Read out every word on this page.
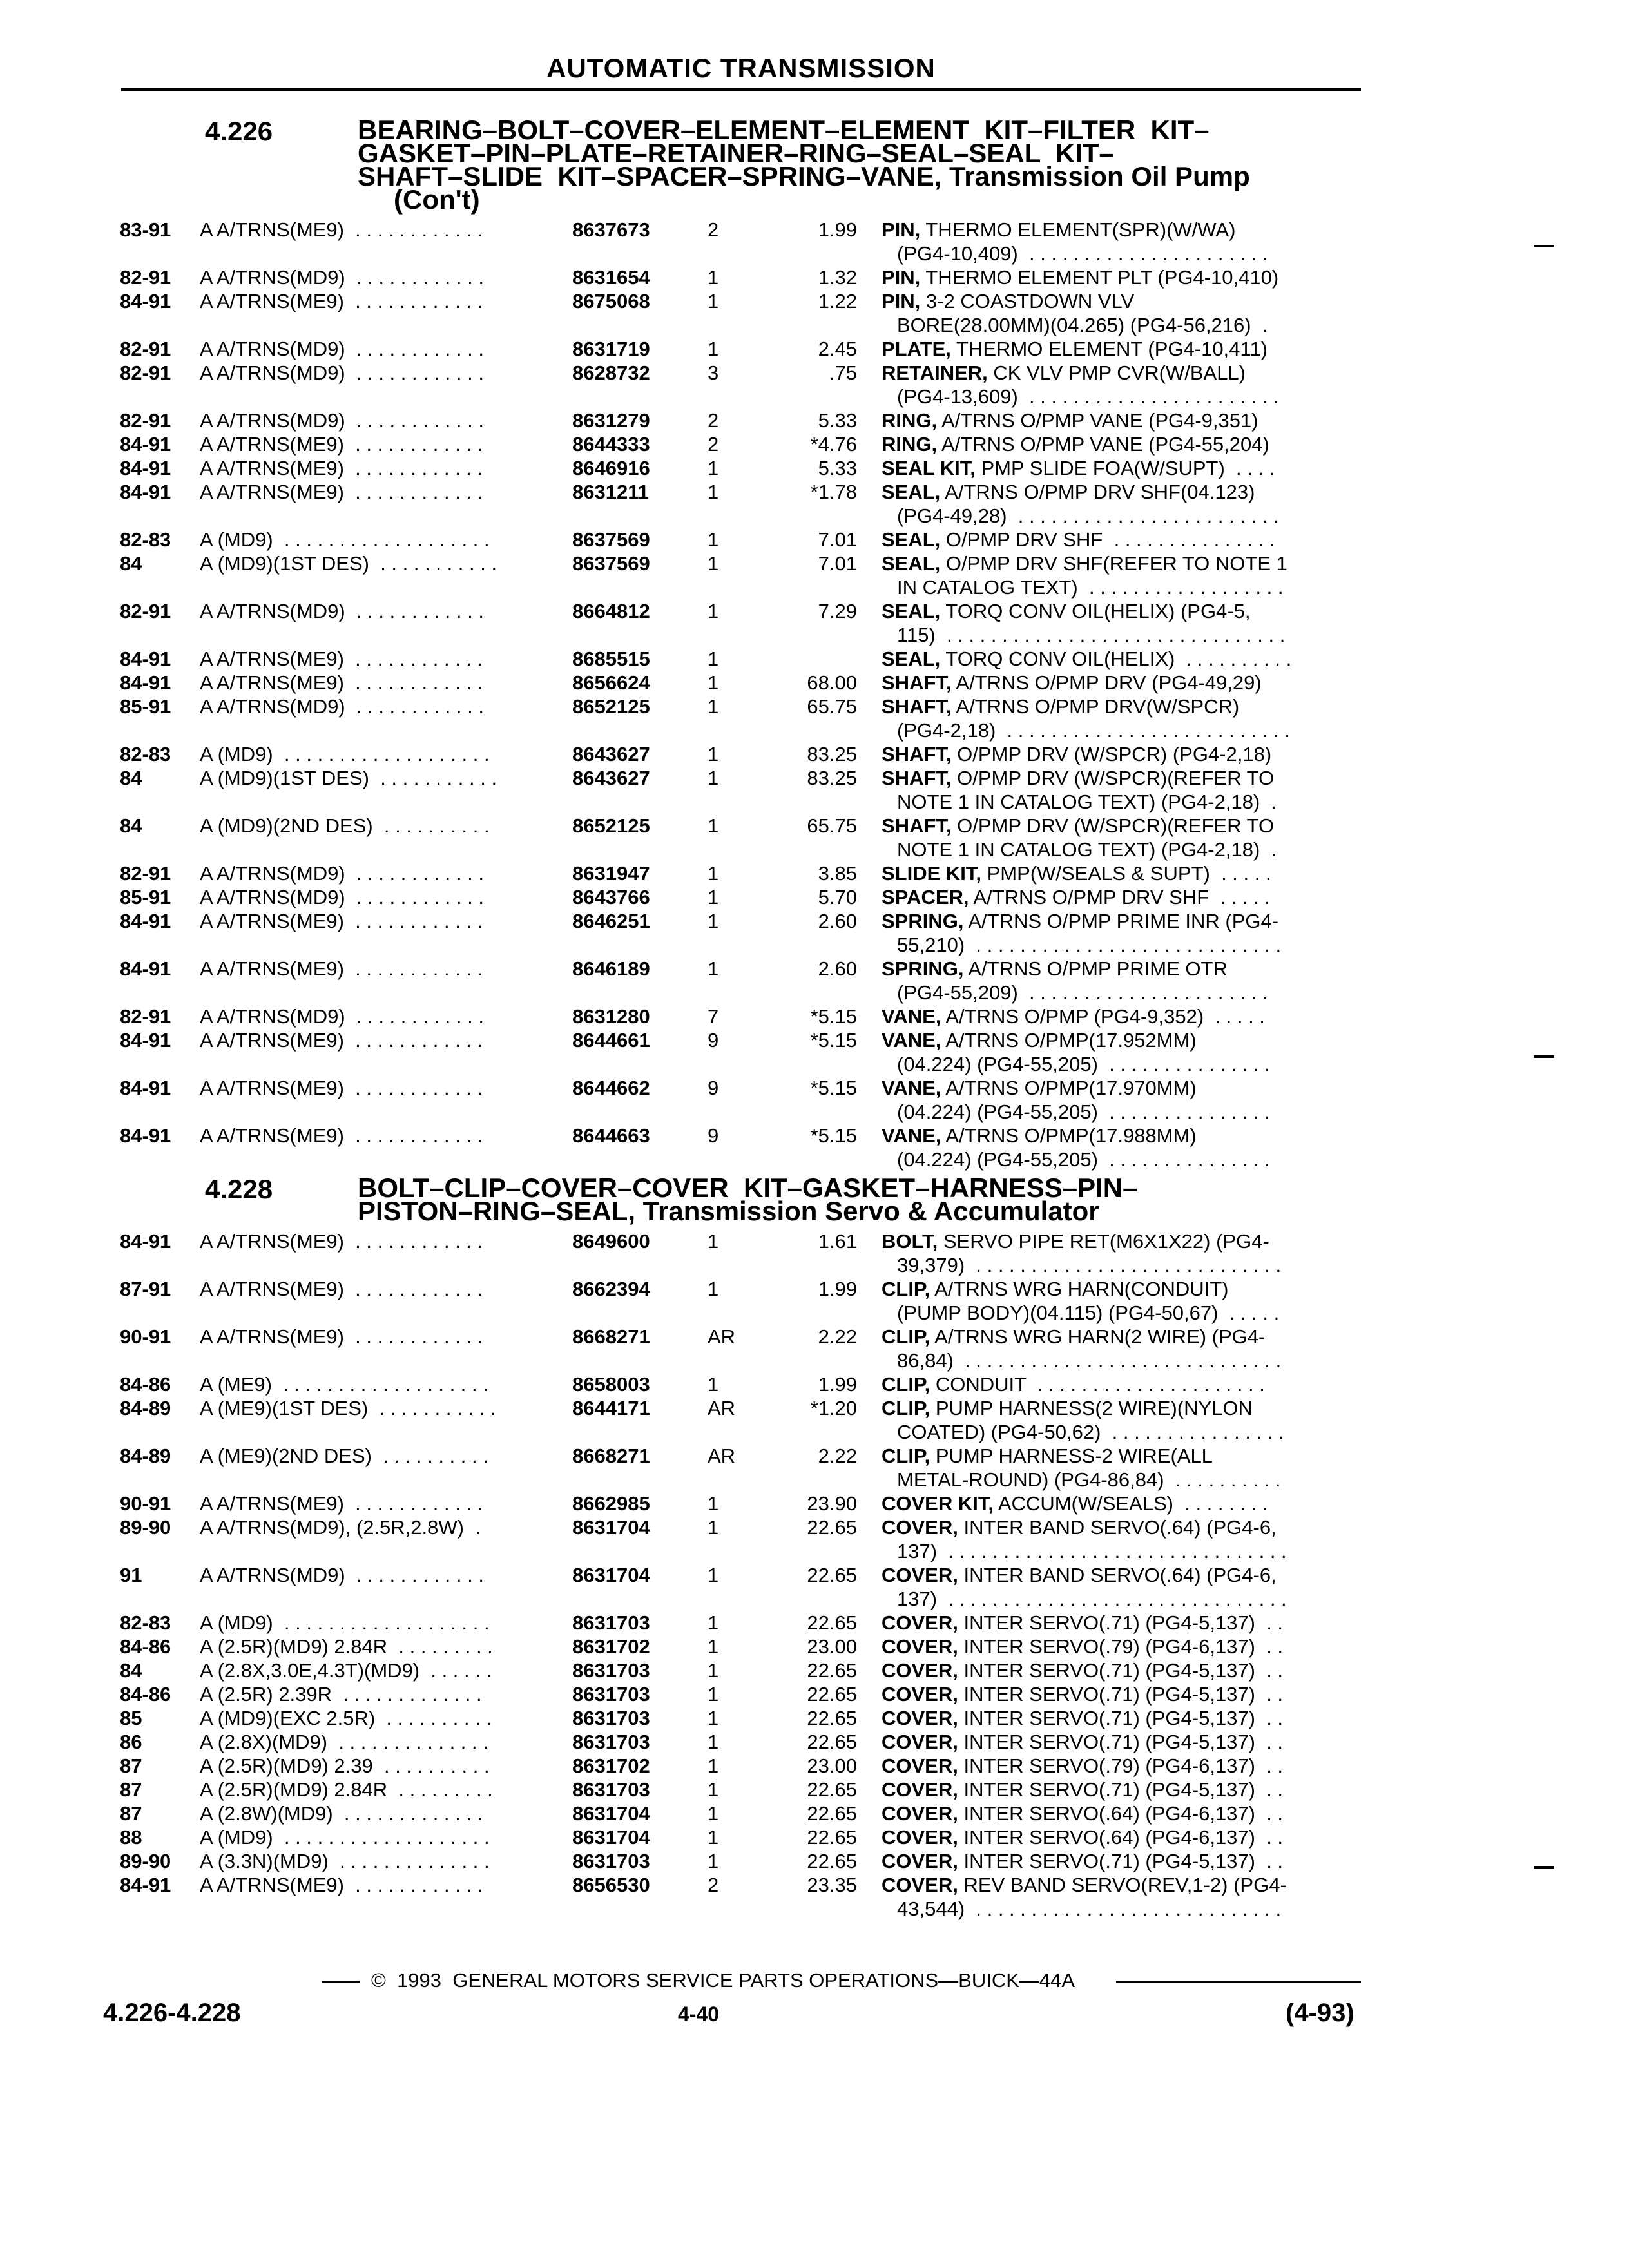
AUTOMATIC TRANSMISSION
4.226	BEARING–BOLT–COVER–ELEMENT–ELEMENT  KIT–FILTER  KIT–
GASKET–PIN–PLATE–RETAINER–RING–SEAL–SEAL  KIT–
SHAFT–SLIDE  KIT–SPACER–SPRING–VANE, Transmission Oil Pump
(Con't)
83-91 A A/TRNS(ME9)  . . . . . . . . . . . .	8637673	2	1.99 PIN, THERMO ELEMENT(SPR)(W/WA)
(PG4-10,409)  . . . . . . . . . . . . . . . . . . . . . .
82-91 A A/TRNS(MD9)  . . . . . . . . . . . .	8631654	1	1.32 PIN, THERMO ELEMENT PLT (PG4-10,410)
84-91 A A/TRNS(ME9)  . . . . . . . . . . . .	8675068	1	1.22 PIN, 3-2 COASTDOWN VLV
BORE(28.00MM)(04.265) (PG4-56,216)  .
82-91 A A/TRNS(MD9)  . . . . . . . . . . . .	8631719	1	2.45 PLATE, THERMO ELEMENT (PG4-10,411)
82-91 A A/TRNS(MD9)  . . . . . . . . . . . .	8628732	3	.75 RETAINER, CK VLV PMP CVR(W/BALL)
(PG4-13,609)  . . . . . . . . . . . . . . . . . . . . . . .
82-91 A A/TRNS(MD9)  . . . . . . . . . . . .	8631279	2	5.33 RING, A/TRNS O/PMP VANE (PG4-9,351)
84-91 A A/TRNS(ME9)  . . . . . . . . . . . .	8644333	2	*4.76 RING, A/TRNS O/PMP VANE (PG4-55,204)
84-91 A A/TRNS(ME9)  . . . . . . . . . . . .	8646916	1	5.33 SEAL KIT, PMP SLIDE FOA(W/SUPT)  . . . .
84-91 A A/TRNS(ME9)  . . . . . . . . . . . .	8631211	1	*1.78 SEAL, A/TRNS O/PMP DRV SHF(04.123)
(PG4-49,28)  . . . . . . . . . . . . . . . . . . . . . . . .
82-83 A (MD9)  . . . . . . . . . . . . . . . . . . .	8637569	1	7.01 SEAL, O/PMP DRV SHF  . . . . . . . . . . . . . . .
84	A (MD9)(1ST DES)  . . . . . . . . . . .	8637569	1	7.01 SEAL, O/PMP DRV SHF(REFER TO NOTE 1
IN CATALOG TEXT)  . . . . . . . . . . . . . . . . . .
82-91 A A/TRNS(MD9)  . . . . . . . . . . . .	8664812	1	7.29 SEAL, TORQ CONV OIL(HELIX) (PG4-5,
115)  . . . . . . . . . . . . . . . . . . . . . . . . . . . . . . .
84-91 A A/TRNS(ME9)  . . . . . . . . . . . .	8685515	1	SEAL, TORQ CONV OIL(HELIX)  . . . . . . . . . .
84-91 A A/TRNS(ME9)  . . . . . . . . . . . .	8656624	1	68.00 SHAFT, A/TRNS O/PMP DRV (PG4-49,29)
85-91 A A/TRNS(MD9)  . . . . . . . . . . . .	8652125	1	65.75 SHAFT, A/TRNS O/PMP DRV(W/SPCR)
(PG4-2,18)  . . . . . . . . . . . . . . . . . . . . . . . . . .
82-83 A (MD9)  . . . . . . . . . . . . . . . . . . .	8643627	1	83.25 SHAFT, O/PMP DRV (W/SPCR) (PG4-2,18)
84	A (MD9)(1ST DES)  . . . . . . . . . . .	8643627	1	83.25 SHAFT, O/PMP DRV (W/SPCR)(REFER TO
NOTE 1 IN CATALOG TEXT) (PG4-2,18)  .
84	A (MD9)(2ND DES)  . . . . . . . . . .	8652125	1	65.75 SHAFT, O/PMP DRV (W/SPCR)(REFER TO
NOTE 1 IN CATALOG TEXT) (PG4-2,18)  .
82-91 A A/TRNS(MD9)  . . . . . . . . . . . .	8631947	1	3.85 SLIDE KIT, PMP(W/SEALS & SUPT)  . . . . .
85-91 A A/TRNS(MD9)  . . . . . . . . . . . .	8643766	1	5.70 SPACER, A/TRNS O/PMP DRV SHF  . . . . .
84-91 A A/TRNS(ME9)  . . . . . . . . . . . .	8646251	1	2.60 SPRING, A/TRNS O/PMP PRIME INR (PG4-
55,210)  . . . . . . . . . . . . . . . . . . . . . . . . . . . .
84-91 A A/TRNS(ME9)  . . . . . . . . . . . .	8646189	1	2.60 SPRING, A/TRNS O/PMP PRIME OTR
(PG4-55,209)  . . . . . . . . . . . . . . . . . . . . . .
82-91 A A/TRNS(MD9)  . . . . . . . . . . . .	8631280	7	*5.15 VANE, A/TRNS O/PMP (PG4-9,352)  . . . . .
84-91 A A/TRNS(ME9)  . . . . . . . . . . . .	8644661	9	*5.15 VANE, A/TRNS O/PMP(17.952MM)
(04.224) (PG4-55,205)  . . . . . . . . . . . . . . .
84-91 A A/TRNS(ME9)  . . . . . . . . . . . .	8644662	9	*5.15 VANE, A/TRNS O/PMP(17.970MM)
(04.224) (PG4-55,205)  . . . . . . . . . . . . . . .
84-91 A A/TRNS(ME9)  . . . . . . . . . . . .	8644663	9	*5.15 VANE, A/TRNS O/PMP(17.988MM)
(04.224) (PG4-55,205)  . . . . . . . . . . . . . . .
4.228	BOLT–CLIP–COVER–COVER  KIT–GASKET–HARNESS–PIN–
PISTON–RING–SEAL, Transmission Servo & Accumulator
84-91 A A/TRNS(ME9)  . . . . . . . . . . . .	8649600	1	1.61 BOLT, SERVO PIPE RET(M6X1X22) (PG4-
39,379)  . . . . . . . . . . . . . . . . . . . . . . . . . . . .
87-91 A A/TRNS(ME9)  . . . . . . . . . . . .	8662394	1	1.99 CLIP, A/TRNS WRG HARN(CONDUIT)
(PUMP BODY)(04.115) (PG4-50,67)  . . . . .
90-91 A A/TRNS(ME9)  . . . . . . . . . . . .	8668271	AR	2.22 CLIP, A/TRNS WRG HARN(2 WIRE) (PG4-
86,84)  . . . . . . . . . . . . . . . . . . . . . . . . . . . . .
84-86 A (ME9)  . . . . . . . . . . . . . . . . . . .	8658003	1	1.99 CLIP, CONDUIT  . . . . . . . . . . . . . . . . . . . . .
84-89 A (ME9)(1ST DES)  . . . . . . . . . . .	8644171	AR	*1.20 CLIP, PUMP HARNESS(2 WIRE)(NYLON
COATED) (PG4-50,62)  . . . . . . . . . . . . . . . .
84-89 A (ME9)(2ND DES)  . . . . . . . . . .	8668271	AR	2.22 CLIP, PUMP HARNESS-2 WIRE(ALL
METAL-ROUND) (PG4-86,84)  . . . . . . . . . .
90-91 A A/TRNS(ME9)  . . . . . . . . . . . .	8662985	1	23.90 COVER KIT, ACCUM(W/SEALS)  . . . . . . . .
89-90 A A/TRNS(MD9), (2.5R,2.8W)  .	8631704	1	22.65 COVER, INTER BAND SERVO(.64) (PG4-6,
137)  . . . . . . . . . . . . . . . . . . . . . . . . . . . . . . .
91	A A/TRNS(MD9)  . . . . . . . . . . . .	8631704	1	22.65 COVER, INTER BAND SERVO(.64) (PG4-6,
137)  . . . . . . . . . . . . . . . . . . . . . . . . . . . . . . .
82-83 A (MD9)  . . . . . . . . . . . . . . . . . . .	8631703	1	22.65 COVER, INTER SERVO(.71) (PG4-5,137)  . .
84-86 A (2.5R)(MD9) 2.84R  . . . . . . . . .	8631702	1	23.00 COVER, INTER SERVO(.79) (PG4-6,137)  . .
84	A (2.8X,3.0E,4.3T)(MD9)  . . . . . .	8631703	1	22.65 COVER, INTER SERVO(.71) (PG4-5,137)  . .
84-86 A (2.5R) 2.39R  . . . . . . . . . . . . .	8631703	1	22.65 COVER, INTER SERVO(.71) (PG4-5,137)  . .
85	A (MD9)(EXC 2.5R)  . . . . . . . . . .	8631703	1	22.65 COVER, INTER SERVO(.71) (PG4-5,137)  . .
86	A (2.8X)(MD9)  . . . . . . . . . . . . . .	8631703	1	22.65 COVER, INTER SERVO(.71) (PG4-5,137)  . .
87	A (2.5R)(MD9) 2.39  . . . . . . . . . .	8631702	1	23.00 COVER, INTER SERVO(.79) (PG4-6,137)  . .
87	A (2.5R)(MD9) 2.84R  . . . . . . . . .	8631703	1	22.65 COVER, INTER SERVO(.71) (PG4-5,137)  . .
87	A (2.8W)(MD9)  . . . . . . . . . . . . .	8631704	1	22.65 COVER, INTER SERVO(.64) (PG4-6,137)  . .
88	A (MD9)  . . . . . . . . . . . . . . . . . . .	8631704	1	22.65 COVER, INTER SERVO(.64) (PG4-6,137)  . .
89-90 A (3.3N)(MD9)  . . . . . . . . . . . . . .	8631703	1	22.65 COVER, INTER SERVO(.71) (PG4-5,137)  . .
84-91 A A/TRNS(ME9)  . . . . . . . . . . . .	8656530	2	23.35 COVER, REV BAND SERVO(REV,1-2) (PG4-
43,544)  . . . . . . . . . . . . . . . . . . . . . . . . . . . .
©  1993  GENERAL MOTORS SERVICE PARTS OPERATIONS—BUICK—44A
4.226-4.228	4-40	(4-93)
